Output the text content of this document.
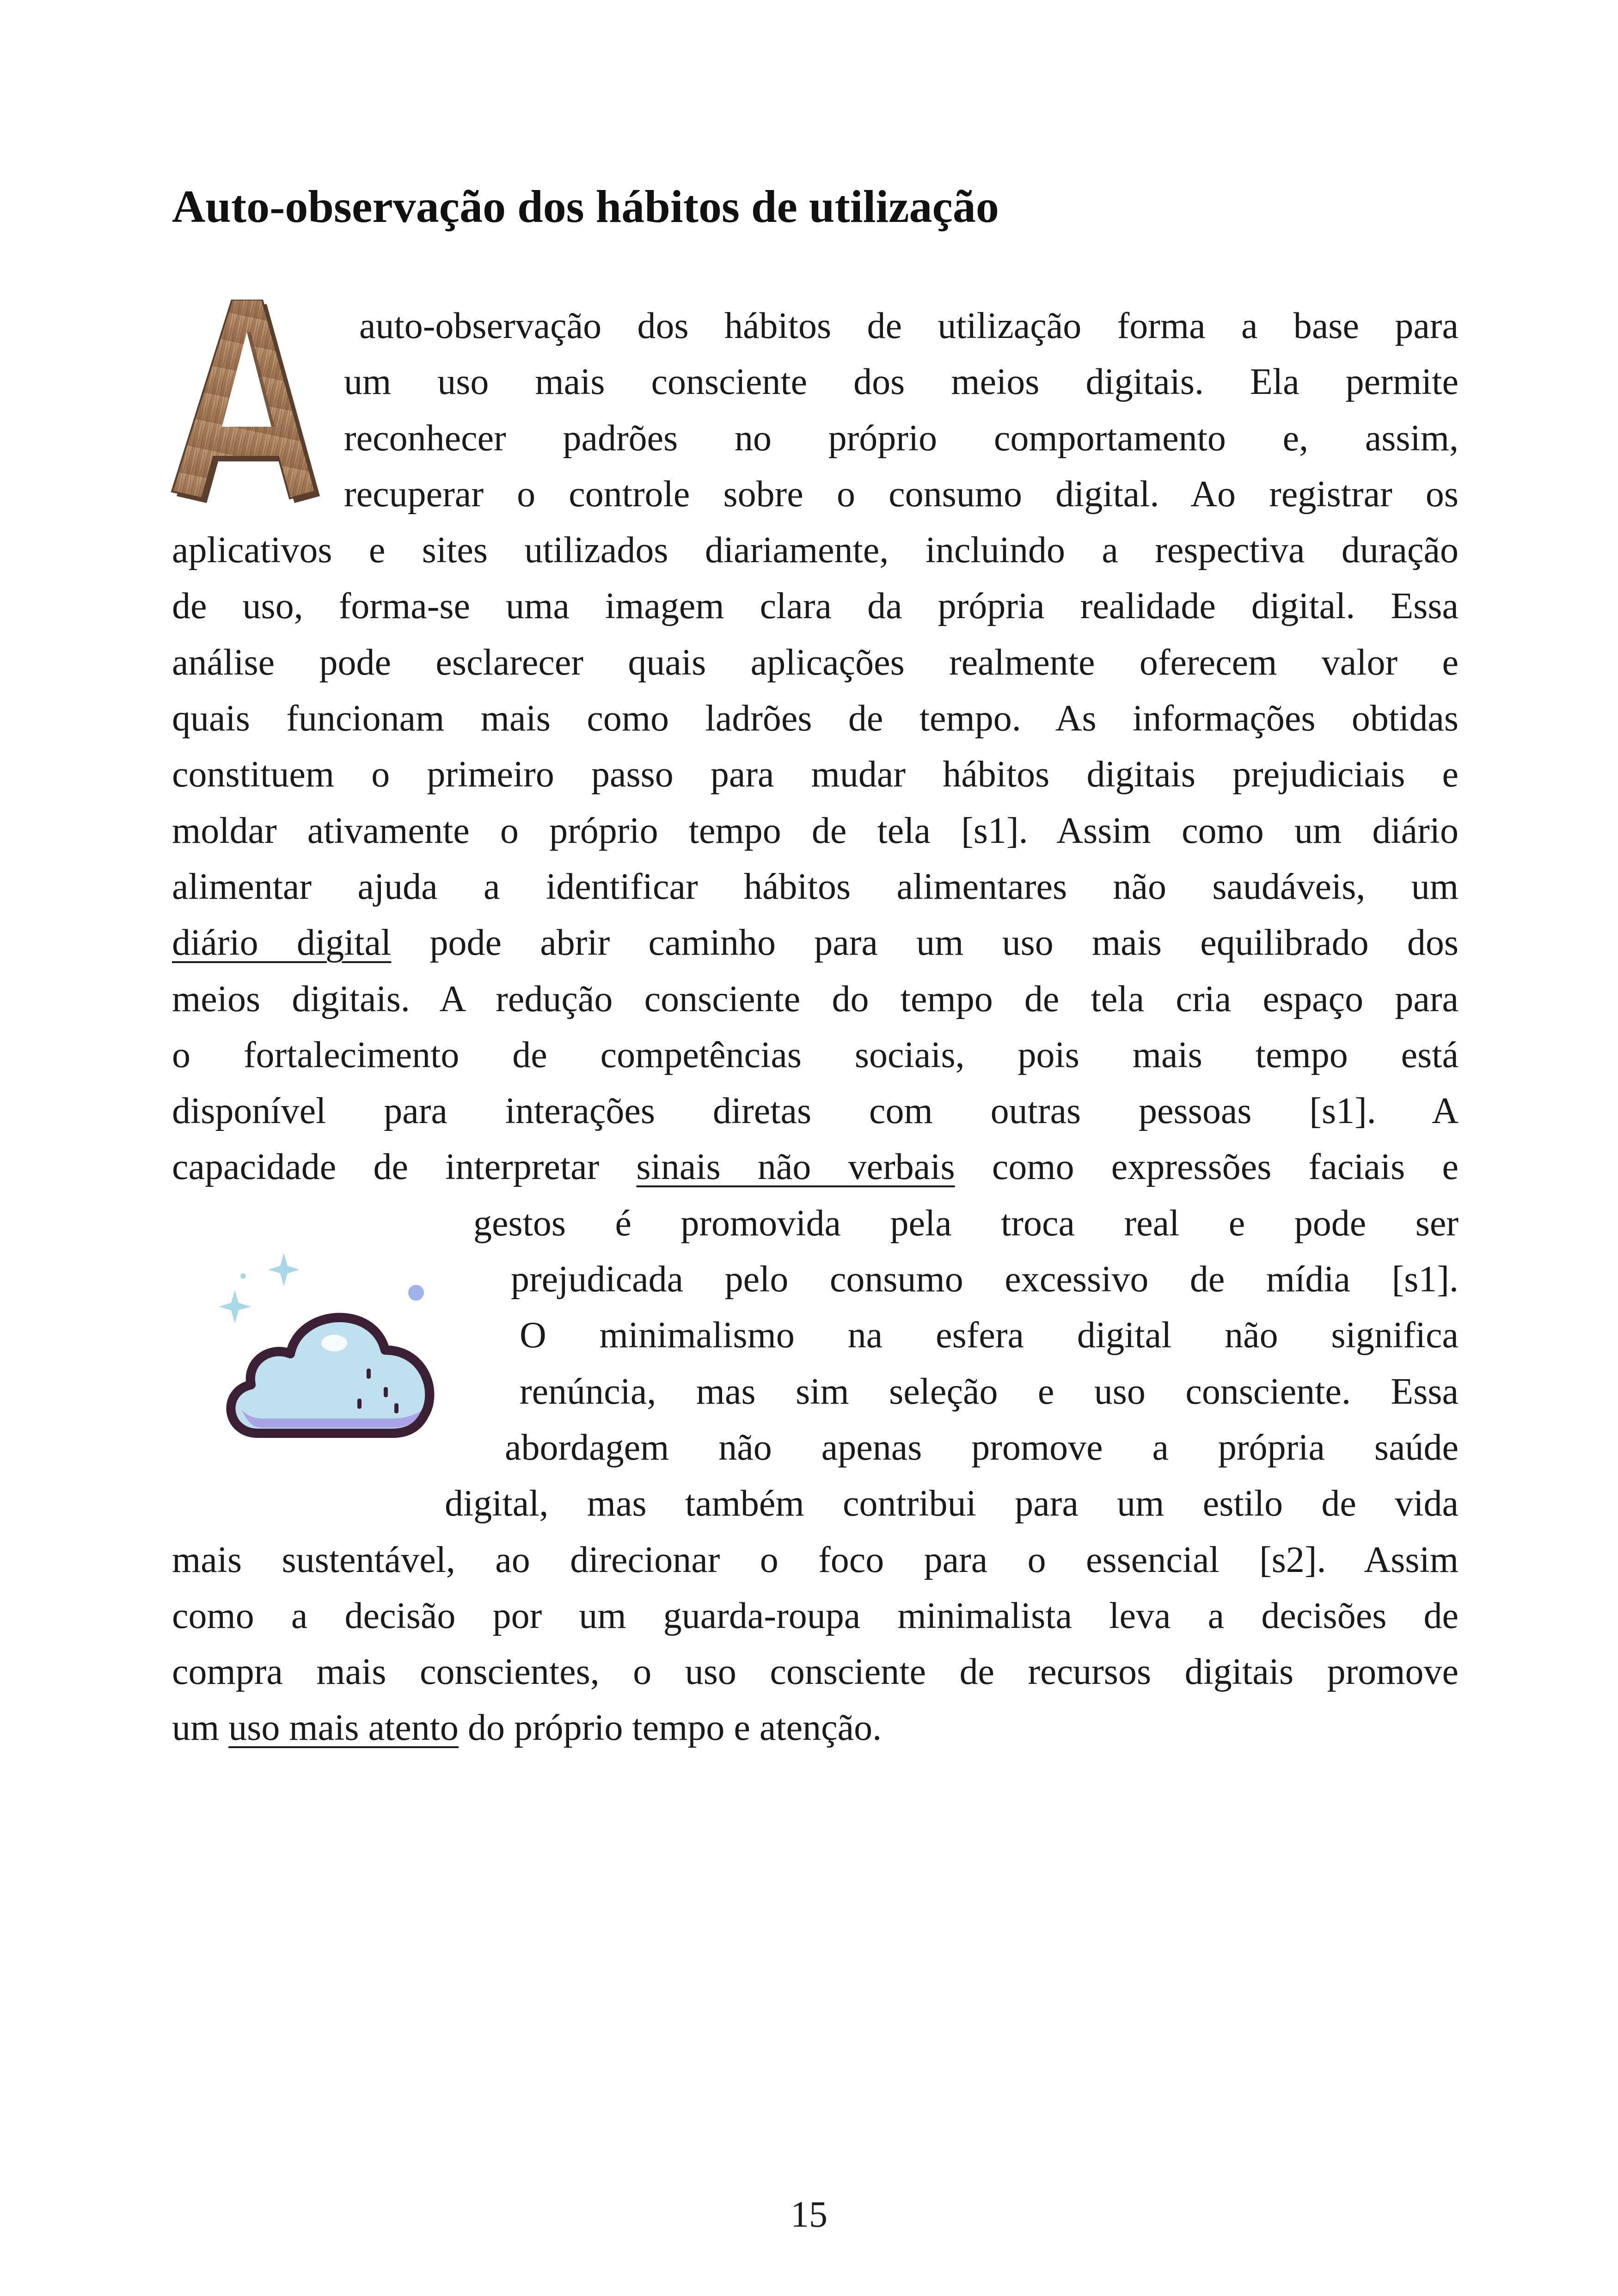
Auto-observação dos hábitos de utilização
auto-observação dos hábitos de utilização forma a base para
um uso mais consciente dos meios digitais. Ela permite
reconhecer padrões no próprio comportamento e, assim,
recuperar o controle sobre o consumo digital. Ao registrar os
aplicativos e sites utilizados diariamente, incluindo a respectiva duração
de uso, forma-se uma imagem clara da própria realidade digital. Essa
análise pode esclarecer quais aplicações realmente oferecem valor e
quais funcionam mais como ladrões de tempo. As informações obtidas
constituem o primeiro passo para mudar hábitos digitais prejudiciais e
moldar ativamente o próprio tempo de tela [s1]. Assim como um diário
alimentar ajuda a identificar hábitos alimentares não saudáveis, um
diário digital pode abrir caminho para um uso mais equilibrado dos
meios digitais. A redução consciente do tempo de tela cria espaço para
o fortalecimento de competências sociais, pois mais tempo está
disponível para interações diretas com outras pessoas [s1]. A
capacidade de interpretar sinais não verbais como expressões faciais e
gestos é promovida pela troca real e pode ser
prejudicada pelo consumo excessivo de mídia [s1].
O minimalismo na esfera digital não significa
renúncia, mas sim seleção e uso consciente. Essa
abordagem não apenas promove a própria saúde
digital, mas também contribui para um estilo de vida
mais sustentável, ao direcionar o foco para o essencial [s2]. Assim
como a decisão por um guarda-roupa minimalista leva a decisões de
compra mais conscientes, o uso consciente de recursos digitais promove
um uso mais atento do próprio tempo e atenção.
15
